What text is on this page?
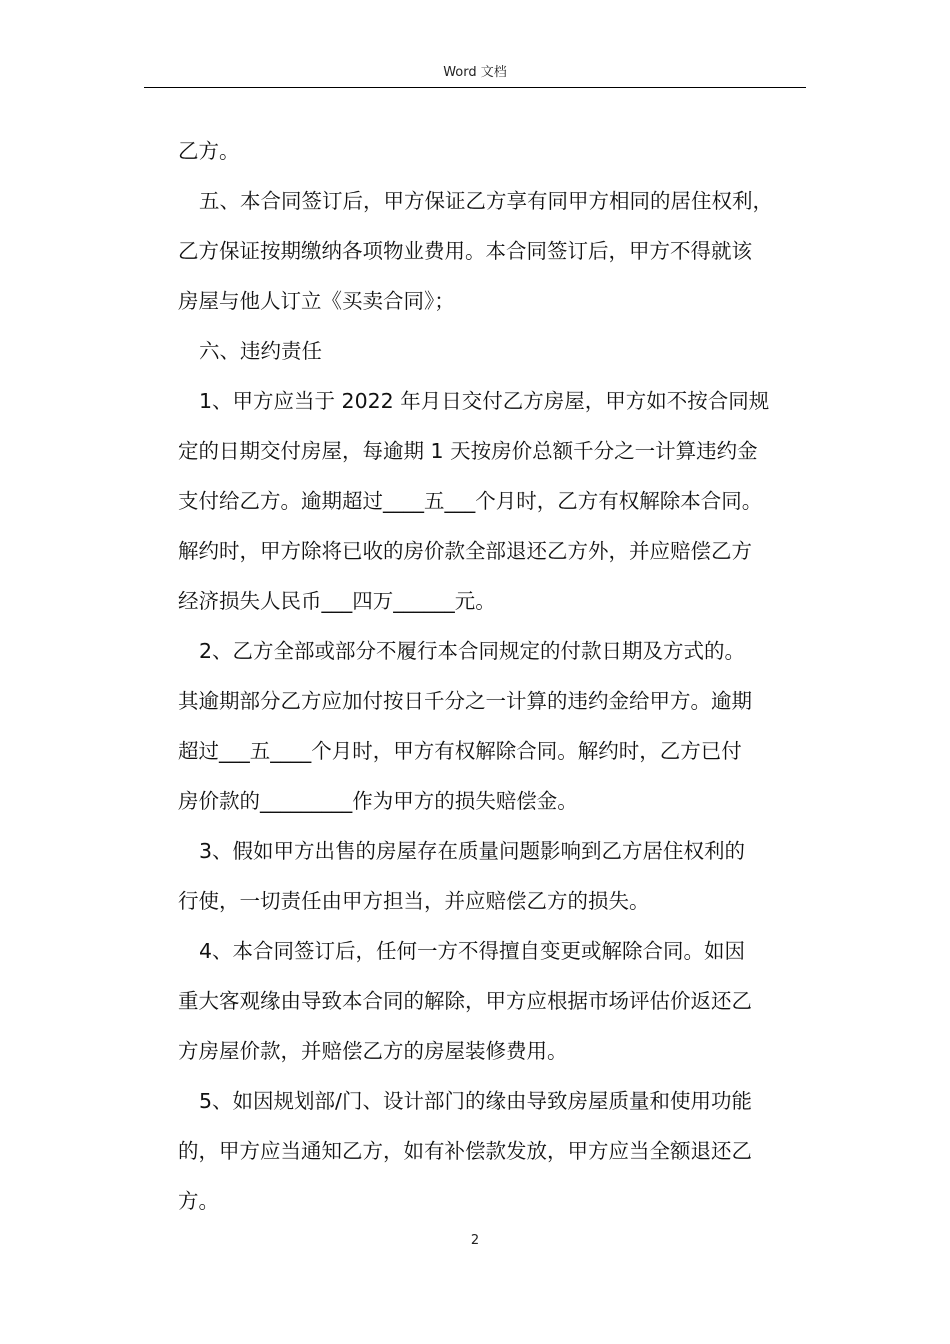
Word 文档
乙方。
五、本合同签订后，甲方保证乙方享有同甲方相同的居住权利，
乙方保证按期缴纳各项物业费用。本合同签订后，甲方不得就该
房屋与他人订立《买卖合同》；
六、违约责任
1、甲方应当于 2022 年月日交付乙方房屋，甲方如不按合同规
定的日期交付房屋，每逾期 1 天按房价总额千分之一计算违约金
支付给乙方。逾期超过____五___个月时，乙方有权解除本合同。
解约时，甲方除将已收的房价款全部退还乙方外，并应赔偿乙方
经济损失人民币___四万______元。
2、乙方全部或部分不履行本合同规定的付款日期及方式的。
其逾期部分乙方应加付按日千分之一计算的违约金给甲方。逾期
超过___五____个月时，甲方有权解除合同。解约时，乙方已付
房价款的_________作为甲方的损失赔偿金。
3、假如甲方出售的房屋存在质量问题影响到乙方居住权利的
行使，一切责任由甲方担当，并应赔偿乙方的损失。
4、本合同签订后，任何一方不得擅自变更或解除合同。如因
重大客观缘由导致本合同的解除，甲方应根据市场评估价返还乙
方房屋价款，并赔偿乙方的房屋装修费用。
5、如因规划部/门、设计部门的缘由导致房屋质量和使用功能
的，甲方应当通知乙方，如有补偿款发放，甲方应当全额退还乙
方。
2
